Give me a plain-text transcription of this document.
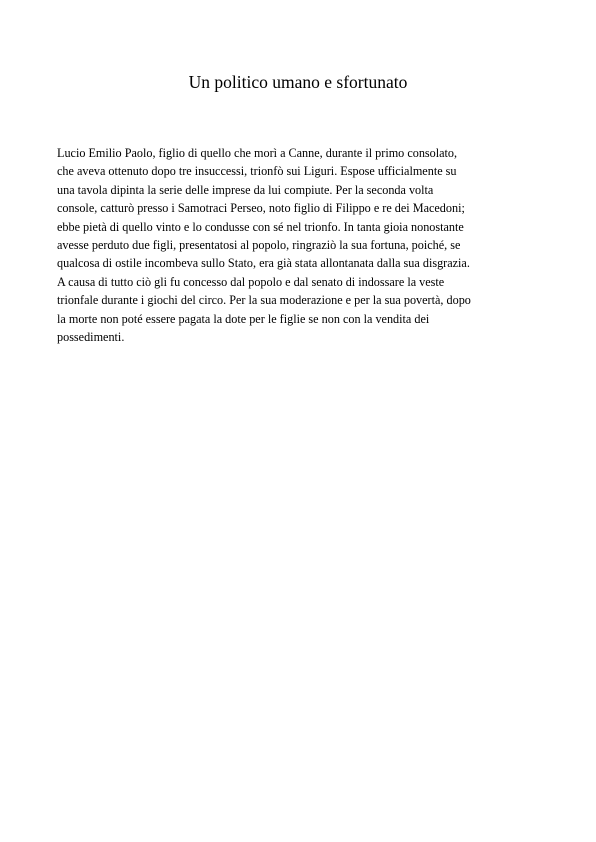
Un politico umano e sfortunato

Lucio Emilio Paolo, figlio di quello che morì a Canne, durante il primo consolato,
che aveva ottenuto dopo tre insuccessi, trionfò sui Liguri. Espose ufficialmente su
una tavola dipinta la serie delle imprese da lui compiute. Per la seconda volta
console, catturò presso i Samotraci Perseo, noto figlio di Filippo e re dei Macedoni;
ebbe pietà di quello vinto e lo condusse con sé nel trionfo. In tanta gioia nonostante
avesse perduto due figli, presentatosi al popolo, ringraziò la sua fortuna, poiché, se
qualcosa di ostile incombeva sullo Stato, era già stata allontanata dalla sua disgrazia.
A causa di tutto ciò gli fu concesso dal popolo e dal senato di indossare la veste
trionfale durante i giochi del circo. Per la sua moderazione e per la sua povertà, dopo
la morte non poté essere pagata la dote per le figlie se non con la vendita dei
possedimenti.
